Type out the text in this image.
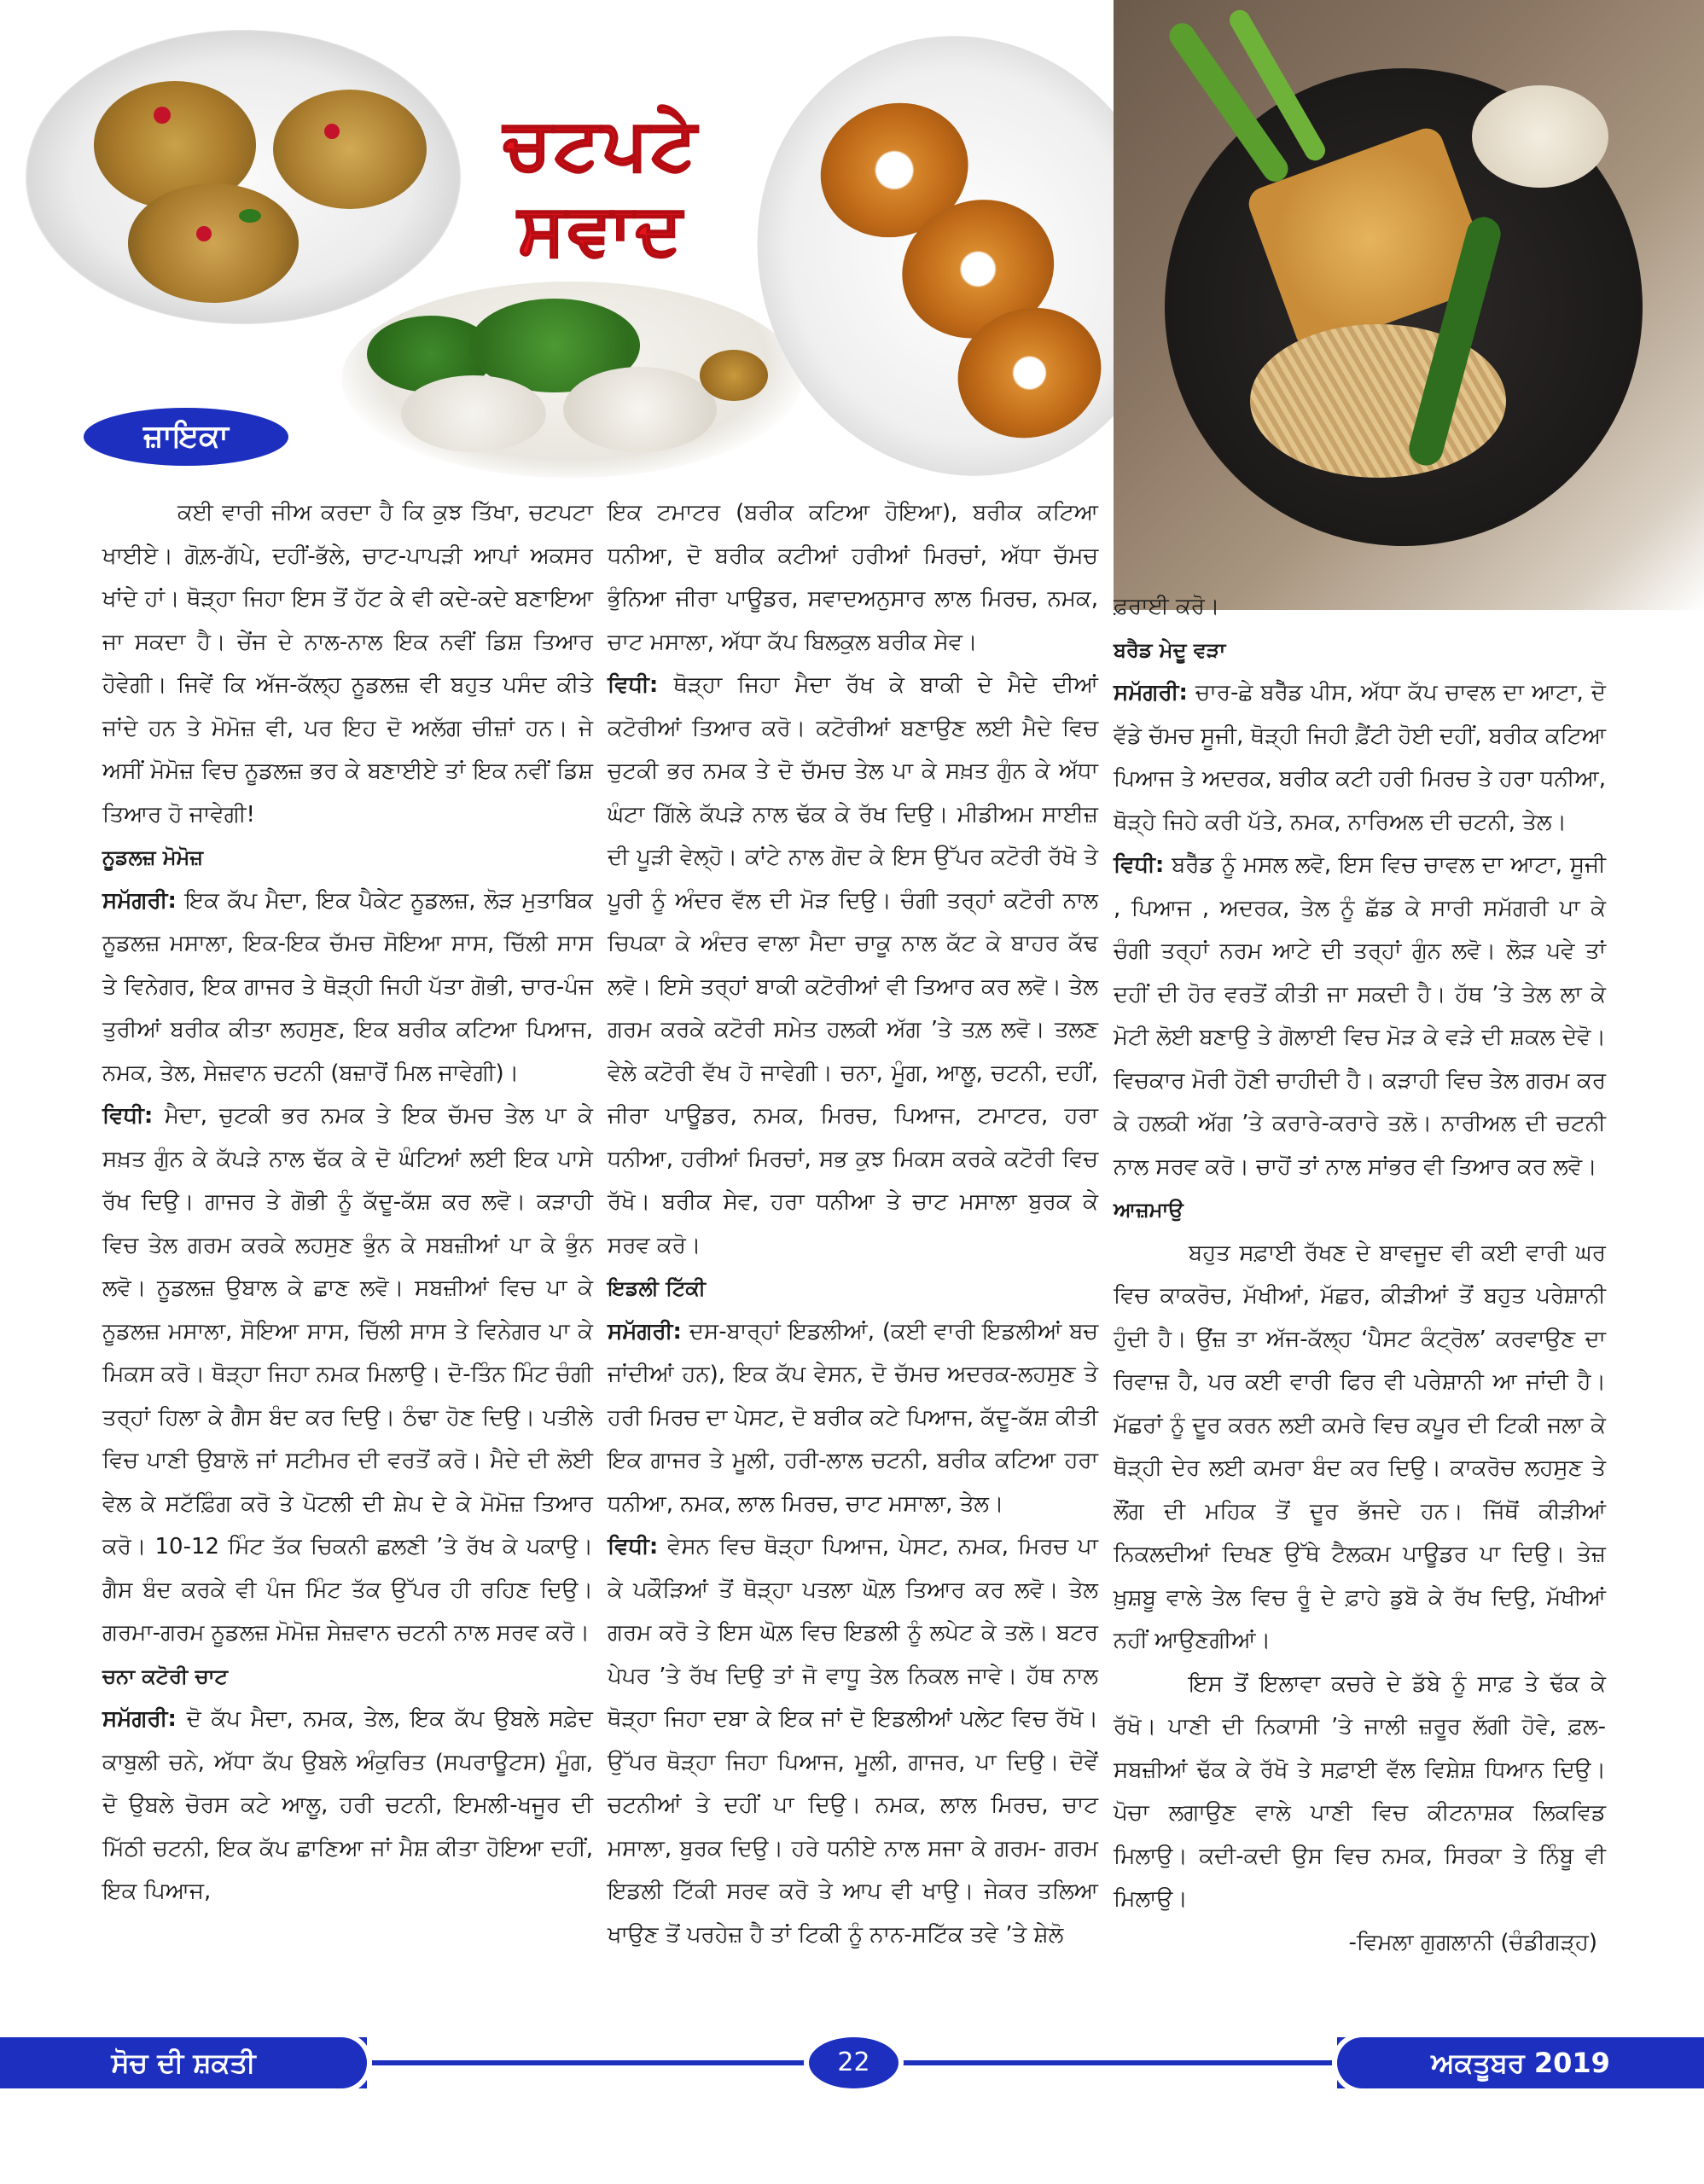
ਚਟਪਟੇ
ਸਵਾਦ
ਜ਼ਾਇਕਾ

ਕਈ ਵਾਰੀ ਜੀਅ ਕਰਦਾ ਹੈ ਕਿ ਕੁਝ ਤਿੱਖਾ, ਚਟਪਟਾ ਖਾਈਏ। ਗੋਲ਼-ਗੱਪੇ, ਦਹੀਂ-ਭੱਲੇ, ਚਾਟ-ਪਾਪੜੀ ਆਪਾਂ ਅਕਸਰ ਖਾਂਦੇ ਹਾਂ। ਥੋੜ੍ਹਾ ਜਿਹਾ ਇਸ ਤੋਂ ਹੱਟ ਕੇ ਵੀ ਕਦੇ-ਕਦੇ ਬਣਾਇਆ ਜਾ ਸਕਦਾ ਹੈ। ਚੇਂਜ ਦੇ ਨਾਲ-ਨਾਲ ਇਕ ਨਵੀਂ ਡਿਸ਼ ਤਿਆਰ ਹੋਵੇਗੀ। ਜਿਵੇਂ ਕਿ ਅੱਜ-ਕੱਲ੍ਹ ਨੂਡਲਜ਼ ਵੀ ਬਹੁਤ ਪਸੰਦ ਕੀਤੇ ਜਾਂਦੇ ਹਨ ਤੇ ਮੋਮੋਜ਼ ਵੀ, ਪਰ ਇਹ ਦੋ ਅਲੱਗ ਚੀਜ਼ਾਂ ਹਨ। ਜੇ ਅਸੀਂ ਮੋਮੋਜ਼ ਵਿਚ ਨੂਡਲਜ਼ ਭਰ ਕੇ ਬਣਾਈਏ ਤਾਂ ਇਕ ਨਵੀਂ ਡਿਸ਼ ਤਿਆਰ ਹੋ ਜਾਵੇਗੀ!

ਨੂਡਲਜ਼ ਮੋਮੋਜ਼

ਸਮੱਗਰੀ: ਇਕ ਕੱਪ ਮੈਦਾ, ਇਕ ਪੈਕੇਟ ਨੂਡਲਜ਼, ਲੋੜ ਮੁਤਾਬਿਕ ਨੂਡਲਜ਼ ਮਸਾਲਾ, ਇਕ-ਇਕ ਚੱਮਚ ਸੋਇਆ ਸਾਸ, ਚਿੱਲੀ ਸਾਸ ਤੇ ਵਿਨੇਗਰ, ਇਕ ਗਾਜਰ ਤੇ ਥੋੜ੍ਹੀ ਜਿਹੀ ਪੱਤਾ ਗੋਭੀ, ਚਾਰ-ਪੰਜ ਤੁਰੀਆਂ ਬਰੀਕ ਕੀਤਾ ਲਹਸੁਣ, ਇਕ ਬਰੀਕ ਕਟਿਆ ਪਿਆਜ, ਨਮਕ, ਤੇਲ, ਸੇਜ਼ਵਾਨ ਚਟਨੀ (ਬਜ਼ਾਰੋਂ ਮਿਲ ਜਾਵੇਗੀ)।

ਵਿਧੀ: ਮੈਦਾ, ਚੁਟਕੀ ਭਰ ਨਮਕ ਤੇ ਇਕ ਚੱਮਚ ਤੇਲ ਪਾ ਕੇ ਸਖ਼ਤ ਗੁੰਨ ਕੇ ਕੱਪੜੇ ਨਾਲ ਢੱਕ ਕੇ ਦੋ ਘੰਟਿਆਂ ਲਈ ਇਕ ਪਾਸੇ ਰੱਖ ਦਿਉ। ਗਾਜਰ ਤੇ ਗੋਭੀ ਨੂੰ ਕੱਦੂ-ਕੱਸ਼ ਕਰ ਲਵੋ। ਕੜਾਹੀ ਵਿਚ ਤੇਲ ਗਰਮ ਕਰਕੇ ਲਹਸੁਣ ਭੁੰਨ ਕੇ ਸਬਜ਼ੀਆਂ ਪਾ ਕੇ ਭੁੰਨ ਲਵੋ। ਨੂਡਲਜ਼ ਉਬਾਲ ਕੇ ਛਾਣ ਲਵੋ। ਸਬਜ਼ੀਆਂ ਵਿਚ ਪਾ ਕੇ ਨੂਡਲਜ਼ ਮਸਾਲਾ, ਸੋਇਆ ਸਾਸ, ਚਿੱਲੀ ਸਾਸ ਤੇ ਵਿਨੇਗਰ ਪਾ ਕੇ ਮਿਕਸ ਕਰੋ। ਥੋੜ੍ਹਾ ਜਿਹਾ ਨਮਕ ਮਿਲਾਉ। ਦੋ-ਤਿੰਨ ਮਿੰਟ ਚੰਗੀ ਤਰ੍ਹਾਂ ਹਿਲਾ ਕੇ ਗੈਸ ਬੰਦ ਕਰ ਦਿਉ। ਠੰਢਾ ਹੋਣ ਦਿਉ। ਪਤੀਲੇ ਵਿਚ ਪਾਣੀ ਉਬਾਲੋ ਜਾਂ ਸਟੀਮਰ ਦੀ ਵਰਤੋਂ ਕਰੋ। ਮੈਦੇ ਦੀ ਲੋਈ ਵੇਲ ਕੇ ਸਟੱਫ਼ਿੰਗ ਕਰੋ ਤੇ ਪੋਟਲੀ ਦੀ ਸ਼ੇਪ ਦੇ ਕੇ ਮੋਮੋਜ਼ ਤਿਆਰ ਕਰੋ। 10-12 ਮਿੰਟ ਤੱਕ ਚਿਕਨੀ ਛਲਣੀ ’ਤੇ ਰੱਖ ਕੇ ਪਕਾਉ। ਗੈਸ ਬੰਦ ਕਰਕੇ ਵੀ ਪੰਜ ਮਿੰਟ ਤੱਕ ਉੱਪਰ ਹੀ ਰਹਿਣ ਦਿਉ। ਗਰਮਾ-ਗਰਮ ਨੂਡਲਜ਼ ਮੋਮੋਜ਼ ਸੇਜ਼ਵਾਨ ਚਟਨੀ ਨਾਲ ਸਰਵ ਕਰੋ।

ਚਨਾ ਕਟੋਰੀ ਚਾਟ

ਸਮੱਗਰੀ: ਦੋ ਕੱਪ ਮੈਦਾ, ਨਮਕ, ਤੇਲ, ਇਕ ਕੱਪ ਉਬਲੇ ਸਫ਼ੇਦ ਕਾਬੁਲੀ ਚਨੇ, ਅੱਧਾ ਕੱਪ ਉਬਲੇ ਅੰਕੁਰਿਤ (ਸਪਰਾਊਟਸ) ਮੂੰਗ, ਦੋ ਉਬਲੇ ਚੋਰਸ ਕਟੇ ਆਲੂ, ਹਰੀ ਚਟਨੀ, ਇਮਲੀ-ਖਜੂਰ ਦੀ ਮਿੱਠੀ ਚਟਨੀ, ਇਕ ਕੱਪ ਛਾਣਿਆ ਜਾਂ ਮੈਸ਼ ਕੀਤਾ ਹੋਇਆ ਦਹੀਂ, ਇਕ ਪਿਆਜ,

ਇਕ ਟਮਾਟਰ (ਬਰੀਕ ਕਟਿਆ ਹੋਇਆ), ਬਰੀਕ ਕਟਿਆ ਧਨੀਆ, ਦੋ ਬਰੀਕ ਕਟੀਆਂ ਹਰੀਆਂ ਮਿਰਚਾਂ, ਅੱਧਾ ਚੱਮਚ ਭੁੰਨਿਆ ਜੀਰਾ ਪਾਊਡਰ, ਸਵਾਦਅਨੁਸਾਰ ਲਾਲ ਮਿਰਚ, ਨਮਕ, ਚਾਟ ਮਸਾਲਾ, ਅੱਧਾ ਕੱਪ ਬਿਲਕੁਲ ਬਰੀਕ ਸੇਵ।

ਵਿਧੀ: ਥੋੜ੍ਹਾ ਜਿਹਾ ਮੈਦਾ ਰੱਖ ਕੇ ਬਾਕੀ ਦੇ ਮੈਦੇ ਦੀਆਂ ਕਟੋਰੀਆਂ ਤਿਆਰ ਕਰੋ। ਕਟੋਰੀਆਂ ਬਣਾਉਣ ਲਈ ਮੈਦੇ ਵਿਚ ਚੁਟਕੀ ਭਰ ਨਮਕ ਤੇ ਦੋ ਚੱਮਚ ਤੇਲ ਪਾ ਕੇ ਸਖ਼ਤ ਗੁੰਨ ਕੇ ਅੱਧਾ ਘੰਟਾ ਗਿੱਲੇ ਕੱਪੜੇ ਨਾਲ ਢੱਕ ਕੇ ਰੱਖ ਦਿਉ। ਮੀਡੀਅਮ ਸਾਈਜ਼ ਦੀ ਪੂੜੀ ਵੇਲ੍ਹੋ। ਕਾਂਟੇ ਨਾਲ ਗੋਦ ਕੇ ਇਸ ਉੱਪਰ ਕਟੋਰੀ ਰੱਖੋ ਤੇ ਪੂਰੀ ਨੂੰ ਅੰਦਰ ਵੱਲ ਦੀ ਮੋੜ ਦਿਉ। ਚੰਗੀ ਤਰ੍ਹਾਂ ਕਟੋਰੀ ਨਾਲ ਚਿਪਕਾ ਕੇ ਅੰਦਰ ਵਾਲਾ ਮੈਦਾ ਚਾਕੂ ਨਾਲ ਕੱਟ ਕੇ ਬਾਹਰ ਕੱਢ ਲਵੋ। ਇਸੇ ਤਰ੍ਹਾਂ ਬਾਕੀ ਕਟੋਰੀਆਂ ਵੀ ਤਿਆਰ ਕਰ ਲਵੋ। ਤੇਲ ਗਰਮ ਕਰਕੇ ਕਟੋਰੀ ਸਮੇਤ ਹਲਕੀ ਅੱਗ ’ਤੇ ਤਲ਼ ਲਵੋ। ਤਲਣ ਵੇਲੇ ਕਟੋਰੀ ਵੱਖ ਹੋ ਜਾਵੇਗੀ। ਚਨਾ, ਮੂੰਗ, ਆਲੂ, ਚਟਨੀ, ਦਹੀਂ, ਜੀਰਾ ਪਾਊਡਰ, ਨਮਕ, ਮਿਰਚ, ਪਿਆਜ, ਟਮਾਟਰ, ਹਰਾ ਧਨੀਆ, ਹਰੀਆਂ ਮਿਰਚਾਂ, ਸਭ ਕੁਝ ਮਿਕਸ ਕਰਕੇ ਕਟੋਰੀ ਵਿਚ ਰੱਖੋ। ਬਰੀਕ ਸੇਵ, ਹਰਾ ਧਨੀਆ ਤੇ ਚਾਟ ਮਸਾਲਾ ਬੁਰਕ ਕੇ ਸਰਵ ਕਰੋ।

ਇਡਲੀ ਟਿੱਕੀ

ਸਮੱਗਰੀ: ਦਸ-ਬਾਰ੍ਹਾਂ ਇਡਲੀਆਂ, (ਕਈ ਵਾਰੀ ਇਡਲੀਆਂ ਬਚ ਜਾਂਦੀਆਂ ਹਨ), ਇਕ ਕੱਪ ਵੇਸਨ, ਦੋ ਚੱਮਚ ਅਦਰਕ-ਲਹਸੁਣ ਤੇ ਹਰੀ ਮਿਰਚ ਦਾ ਪੇਸਟ, ਦੋ ਬਰੀਕ ਕਟੇ ਪਿਆਜ, ਕੱਦੂ-ਕੱਸ਼ ਕੀਤੀ ਇਕ ਗਾਜਰ ਤੇ ਮੂਲੀ, ਹਰੀ-ਲਾਲ ਚਟਨੀ, ਬਰੀਕ ਕਟਿਆ ਹਰਾ ਧਨੀਆ, ਨਮਕ, ਲਾਲ ਮਿਰਚ, ਚਾਟ ਮਸਾਲਾ, ਤੇਲ।

ਵਿਧੀ: ਵੇਸਨ ਵਿਚ ਥੋੜ੍ਹਾ ਪਿਆਜ, ਪੇਸਟ, ਨਮਕ, ਮਿਰਚ ਪਾ ਕੇ ਪਕੌੜਿਆਂ ਤੋਂ ਥੋੜ੍ਹਾ ਪਤਲਾ ਘੋਲ਼ ਤਿਆਰ ਕਰ ਲਵੋ। ਤੇਲ ਗਰਮ ਕਰੋ ਤੇ ਇਸ ਘੋਲ਼ ਵਿਚ ਇਡਲੀ ਨੂੰ ਲਪੇਟ ਕੇ ਤਲੋ। ਬਟਰ ਪੇਪਰ ’ਤੇ ਰੱਖ ਦਿਉ ਤਾਂ ਜੋ ਵਾਧੂ ਤੇਲ ਨਿਕਲ ਜਾਵੇ। ਹੱਥ ਨਾਲ ਥੋੜ੍ਹਾ ਜਿਹਾ ਦਬਾ ਕੇ ਇਕ ਜਾਂ ਦੋ ਇਡਲੀਆਂ ਪਲੇਟ ਵਿਚ ਰੱਖੋ। ਉੱਪਰ ਥੋੜ੍ਹਾ ਜਿਹਾ ਪਿਆਜ, ਮੂਲੀ, ਗਾਜਰ, ਪਾ ਦਿਉ। ਦੋਵੇਂ ਚਟਨੀਆਂ ਤੇ ਦਹੀਂ ਪਾ ਦਿਉ। ਨਮਕ, ਲਾਲ ਮਿਰਚ, ਚਾਟ ਮਸਾਲਾ, ਬੁਰਕ ਦਿਉ। ਹਰੇ ਧਨੀਏ ਨਾਲ ਸਜਾ ਕੇ ਗਰਮ- ਗਰਮ ਇਡਲੀ ਟਿੱਕੀ ਸਰਵ ਕਰੋ ਤੇ ਆਪ ਵੀ ਖਾਉ। ਜੇਕਰ ਤਲਿਆ ਖਾਉਣ ਤੋਂ ਪਰਹੇਜ਼ ਹੈ ਤਾਂ ਟਿਕੀ ਨੂੰ ਨਾਨ-ਸਟਿੱਕ ਤਵੇ ’ਤੇ ਸ਼ੇਲੋ

ਫ਼ਰਾਈ ਕਰੋ।

ਬਰੈਡ ਮੇਦੂ ਵੜਾ

ਸਮੱਗਰੀ: ਚਾਰ-ਛੇ ਬਰੈੱਡ ਪੀਸ, ਅੱਧਾ ਕੱਪ ਚਾਵਲ ਦਾ ਆਟਾ, ਦੋ ਵੱਡੇ ਚੱਮਚ ਸੂਜੀ, ਥੋੜ੍ਹੀ ਜਿਹੀ ਫ਼ੈਂਟੀ ਹੋਈ ਦਹੀਂ, ਬਰੀਕ ਕਟਿਆ ਪਿਆਜ ਤੇ ਅਦਰਕ, ਬਰੀਕ ਕਟੀ ਹਰੀ ਮਿਰਚ ਤੇ ਹਰਾ ਧਨੀਆ, ਥੋੜ੍ਹੇ ਜਿਹੇ ਕਰੀ ਪੱਤੇ, ਨਮਕ, ਨਾਰਿਅਲ ਦੀ ਚਟਨੀ, ਤੇਲ।

ਵਿਧੀ: ਬਰੈੱਡ ਨੂੰ ਮਸਲ ਲਵੋ, ਇਸ ਵਿਚ ਚਾਵਲ ਦਾ ਆਟਾ, ਸੂਜੀ , ਪਿਆਜ , ਅਦਰਕ, ਤੇਲ ਨੂੰ ਛੱਡ ਕੇ ਸਾਰੀ ਸਮੱਗਰੀ ਪਾ ਕੇ ਚੰਗੀ ਤਰ੍ਹਾਂ ਨਰਮ ਆਟੇ ਦੀ ਤਰ੍ਹਾਂ ਗੁੰਨ ਲਵੋ। ਲੋੜ ਪਵੇ ਤਾਂ ਦਹੀਂ ਦੀ ਹੋਰ ਵਰਤੋਂ ਕੀਤੀ ਜਾ ਸਕਦੀ ਹੈ। ਹੱਥ ’ਤੇ ਤੇਲ ਲਾ ਕੇ ਮੋਟੀ ਲੋਈ ਬਣਾਉ ਤੇ ਗੋਲਾਈ ਵਿਚ ਮੋੜ ਕੇ ਵੜੇ ਦੀ ਸ਼ਕਲ ਦੇਵੋ। ਵਿਚਕਾਰ ਮੋਰੀ ਹੋਣੀ ਚਾਹੀਦੀ ਹੈ। ਕੜਾਹੀ ਵਿਚ ਤੇਲ ਗਰਮ ਕਰ ਕੇ ਹਲਕੀ ਅੱਗ ’ਤੇ ਕਰਾਰੇ-ਕਰਾਰੇ ਤਲੋ। ਨਾਰੀਅਲ ਦੀ ਚਟਨੀ ਨਾਲ ਸਰਵ ਕਰੋ। ਚਾਹੋਂ ਤਾਂ ਨਾਲ ਸਾਂਭਰ ਵੀ ਤਿਆਰ ਕਰ ਲਵੋ।

ਆਜ਼ਮਾਉ

ਬਹੁਤ ਸਫ਼ਾਈ ਰੱਖਣ ਦੇ ਬਾਵਜੂਦ ਵੀ ਕਈ ਵਾਰੀ ਘਰ ਵਿਚ ਕਾਕਰੋਚ, ਮੱਖੀਆਂ, ਮੱਛਰ, ਕੀੜੀਆਂ ਤੋਂ ਬਹੁਤ ਪਰੇਸ਼ਾਨੀ ਹੁੰਦੀ ਹੈ। ਉਂਜ਼ ਤਾ ਅੱਜ-ਕੱਲ੍ਹ ‘ਪੈਸਟ ਕੰਟ੍ਰੋਲ’ ਕਰਵਾਉਣ ਦਾ ਰਿਵਾਜ਼ ਹੈ, ਪਰ ਕਈ ਵਾਰੀ ਫਿਰ ਵੀ ਪਰੇਸ਼ਾਨੀ ਆ ਜਾਂਦੀ ਹੈ। ਮੱਛਰਾਂ ਨੂੰ ਦੂਰ ਕਰਨ ਲਈ ਕਮਰੇ ਵਿਚ ਕਪੂਰ ਦੀ ਟਿਕੀ ਜਲਾ ਕੇ ਥੋੜ੍ਹੀ ਦੇਰ ਲਈ ਕਮਰਾ ਬੰਦ ਕਰ ਦਿਉ। ਕਾਕਰੋਚ ਲਹਸੁਣ ਤੇ ਲੌਂਗ ਦੀ ਮਹਿਕ ਤੋਂ ਦੂਰ ਭੱਜਦੇ ਹਨ। ਜਿੱਥੋਂ ਕੀੜੀਆਂ ਨਿਕਲਦੀਆਂ ਦਿਖਣ ਉੱਥੇ ਟੈਲਕਮ ਪਾਊਡਰ ਪਾ ਦਿਉ। ਤੇਜ਼ ਖ਼ੁਸ਼ਬੂ ਵਾਲੇ ਤੇਲ ਵਿਚ ਰੂੰ ਦੇ ਫ਼ਾਹੇ ਡੁਬੋ ਕੇ ਰੱਖ ਦਿਉ, ਮੱਖੀਆਂ ਨਹੀਂ ਆਉਣਗੀਆਂ।

ਇਸ ਤੋਂ ਇਲਾਵਾ ਕਚਰੇ ਦੇ ਡੱਬੇ ਨੂੰ ਸਾਫ਼ ਤੇ ਢੱਕ ਕੇ ਰੱਖੋ। ਪਾਣੀ ਦੀ ਨਿਕਾਸੀ ’ਤੇ ਜਾਲੀ ਜ਼ਰੂਰ ਲੱਗੀ ਹੋਵੇ, ਫ਼ਲ-ਸਬਜ਼ੀਆਂ ਢੱਕ ਕੇ ਰੱਖੋ ਤੇ ਸਫ਼ਾਈ ਵੱਲ ਵਿਸ਼ੇਸ਼ ਧਿਆਨ ਦਿਉ। ਪੋਚਾ ਲਗਾਉਣ ਵਾਲੇ ਪਾਣੀ ਵਿਚ ਕੀਟਨਾਸ਼ਕ ਲਿਕਵਿਡ ਮਿਲਾਉ। ਕਦੀ-ਕਦੀ ਉਸ ਵਿਚ ਨਮਕ, ਸਿਰਕਾ ਤੇ ਨਿੰਬੂ ਵੀ ਮਿਲਾਉ।

-ਵਿਮਲਾ ਗੁਗਲਾਨੀ (ਚੰਡੀਗੜ੍ਹ)

ਸੋਚ ਦੀ ਸ਼ਕਤੀ	22	ਅਕਤੂਬਰ 2019
